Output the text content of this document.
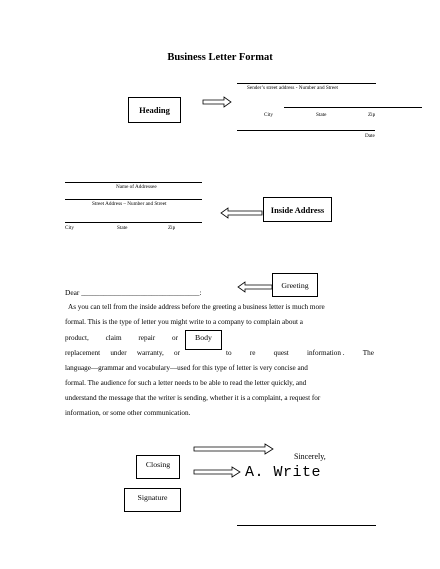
Business Letter Format
Heading
Sender’s street address - Number and Street
City	State	Zip
Date
Name of Addressee
Street Address – Number and Street
City	State	Zip
Inside Address
Greeting
Dear ________________________________:
As you can tell from the inside address before the greeting a business letter is much more
formal. This is the type of letter you might write to a company to complain about a
product, claim repair or Body
replacement under warranty, or	to	re	quest	information .	The
language—grammar and vocabulary—used for this type of letter is very concise and
formal. The audience for such a letter needs to be able to read the letter quickly, and
understand the message that the writer is sending, whether it is a complaint, a request for
information, or some other communication.
Sincerely,
Closing	A. Write
Signature
